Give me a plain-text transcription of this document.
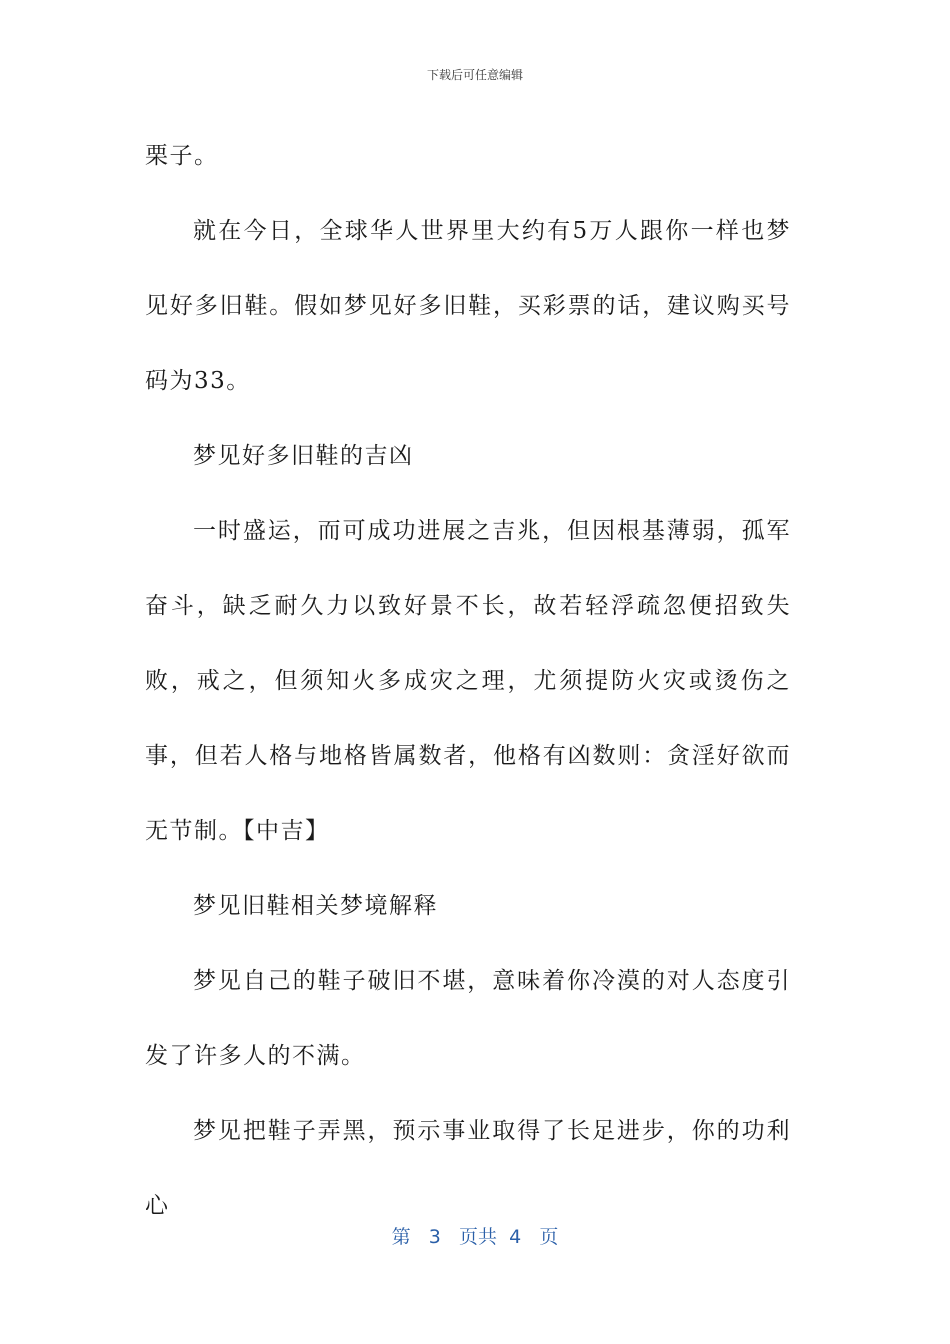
下载后可任意编辑

栗子。

就在今日，全球华人世界里大约有5万人跟你一样也梦见好多旧鞋。假如梦见好多旧鞋，买彩票的话，建议购买号码为33。

梦见好多旧鞋的吉凶

一时盛运，而可成功进展之吉兆，但因根基薄弱，孤军奋斗，缺乏耐久力以致好景不长，故若轻浮疏忽便招致失败，戒之，但须知火多成灾之理，尤须提防火灾或烫伤之事，但若人格与地格皆属数者，他格有凶数则：贪淫好欲而无节制。【中吉】

梦见旧鞋相关梦境解释

梦见自己的鞋子破旧不堪，意味着你冷漠的对人态度引发了许多人的不满。

梦见把鞋子弄黑，预示事业取得了长足进步，你的功利心

第 3 页共 4 页
